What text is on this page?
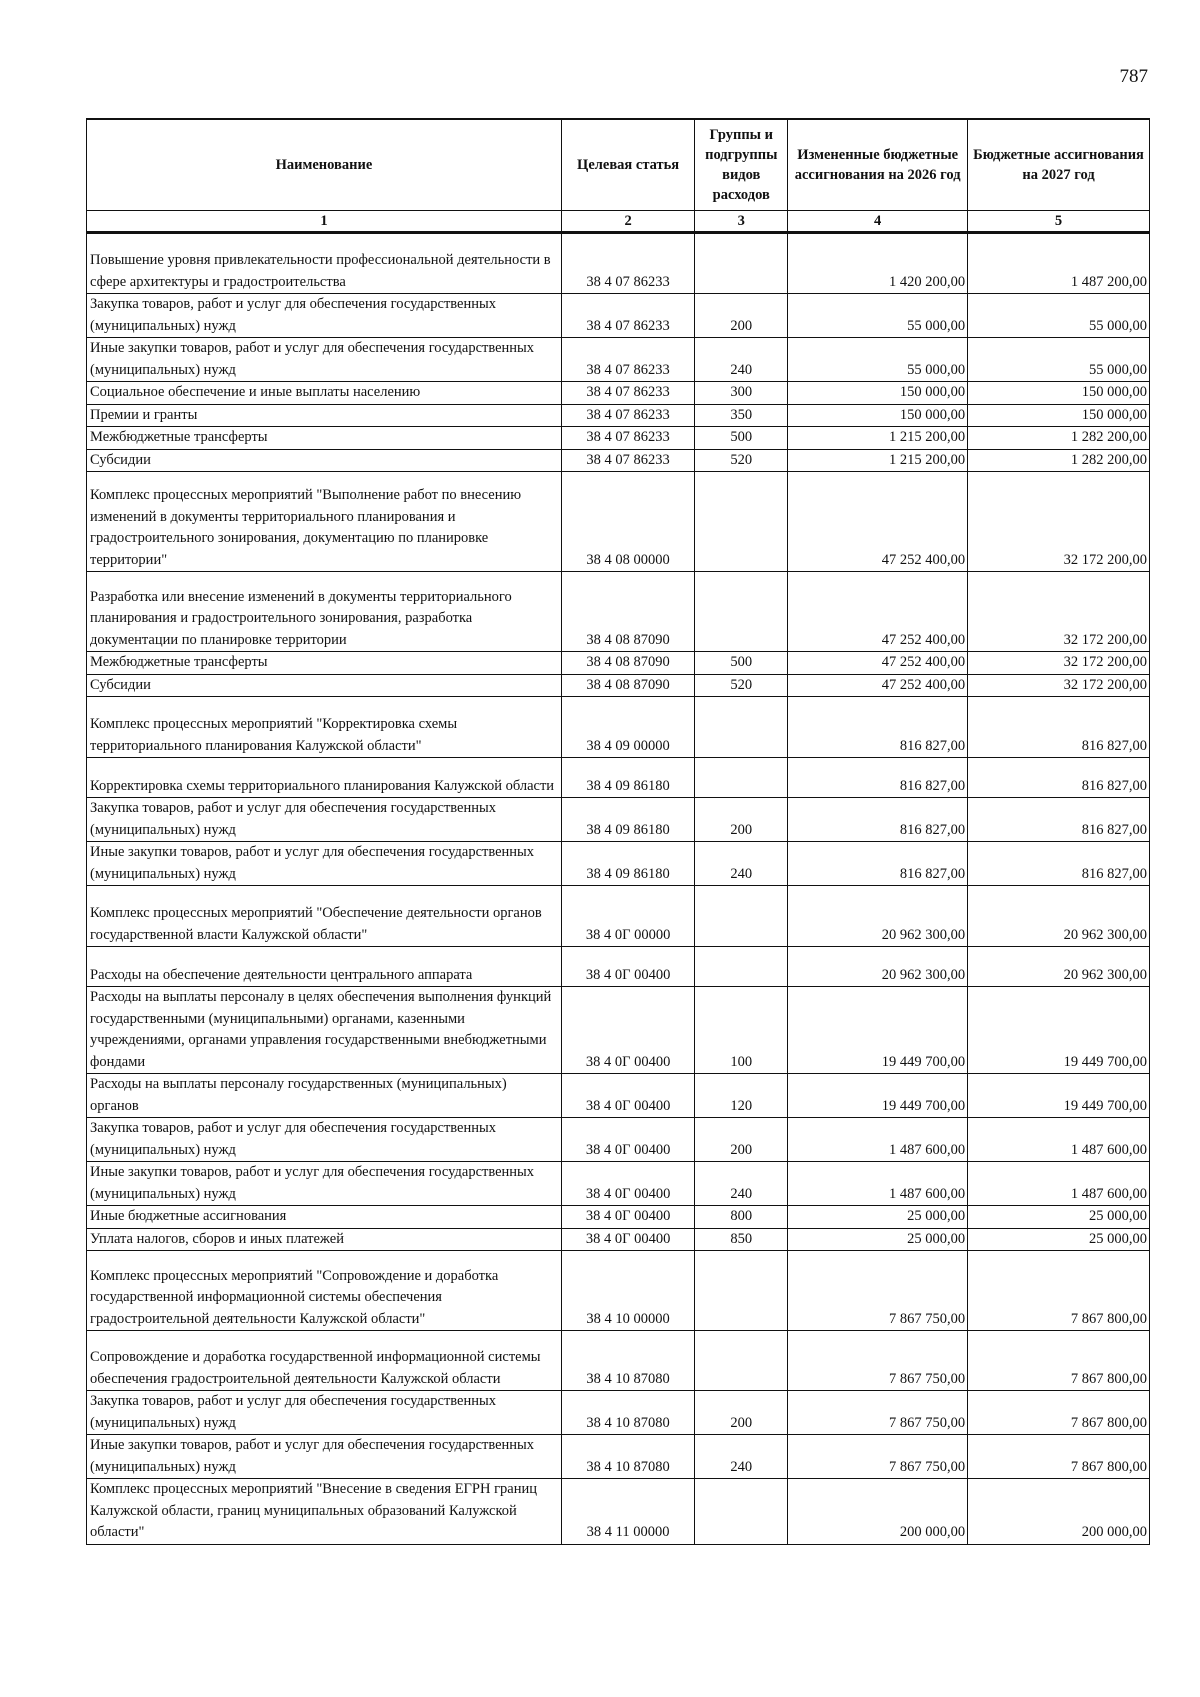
787
Наименование	Целевая статья	Группы и подгруппы видов расходов	Измененные бюджетные ассигнования на 2026 год	Бюджетные ассигнования на 2027 год
1	2	3	4	5
Повышение уровня привлекательности профессиональной деятельности в сфере архитектуры и градостроительства	38 4 07 86233		1 420 200,00	1 487 200,00
Закупка товаров, работ и услуг для обеспечения государственных (муниципальных) нужд	38 4 07 86233	200	55 000,00	55 000,00
Иные закупки товаров, работ и услуг для обеспечения государственных (муниципальных) нужд	38 4 07 86233	240	55 000,00	55 000,00
Социальное обеспечение и иные выплаты населению	38 4 07 86233	300	150 000,00	150 000,00
Премии и гранты	38 4 07 86233	350	150 000,00	150 000,00
Межбюджетные трансферты	38 4 07 86233	500	1 215 200,00	1 282 200,00
Субсидии	38 4 07 86233	520	1 215 200,00	1 282 200,00
Комплекс процессных мероприятий "Выполнение работ по внесению изменений в документы территориального планирования и градостроительного зонирования, документацию по планировке территории"	38 4 08 00000		47 252 400,00	32 172 200,00
Разработка или внесение изменений в документы территориального планирования и градостроительного зонирования, разработка документации по планировке территории	38 4 08 87090		47 252 400,00	32 172 200,00
Межбюджетные трансферты	38 4 08 87090	500	47 252 400,00	32 172 200,00
Субсидии	38 4 08 87090	520	47 252 400,00	32 172 200,00
Комплекс процессных мероприятий "Корректировка схемы территориального планирования Калужской области"	38 4 09 00000		816 827,00	816 827,00
Корректировка схемы территориального планирования Калужской области	38 4 09 86180		816 827,00	816 827,00
Закупка товаров, работ и услуг для обеспечения государственных (муниципальных) нужд	38 4 09 86180	200	816 827,00	816 827,00
Иные закупки товаров, работ и услуг для обеспечения государственных (муниципальных) нужд	38 4 09 86180	240	816 827,00	816 827,00
Комплекс процессных мероприятий "Обеспечение деятельности органов государственной власти Калужской области"	38 4 0Г 00000		20 962 300,00	20 962 300,00
Расходы на обеспечение деятельности центрального аппарата	38 4 0Г 00400		20 962 300,00	20 962 300,00
Расходы на выплаты персоналу в целях обеспечения выполнения функций государственными (муниципальными) органами, казенными учреждениями, органами управления государственными внебюджетными фондами	38 4 0Г 00400	100	19 449 700,00	19 449 700,00
Расходы на выплаты персоналу государственных (муниципальных) органов	38 4 0Г 00400	120	19 449 700,00	19 449 700,00
Закупка товаров, работ и услуг для обеспечения государственных (муниципальных) нужд	38 4 0Г 00400	200	1 487 600,00	1 487 600,00
Иные закупки товаров, работ и услуг для обеспечения государственных (муниципальных) нужд	38 4 0Г 00400	240	1 487 600,00	1 487 600,00
Иные бюджетные ассигнования	38 4 0Г 00400	800	25 000,00	25 000,00
Уплата налогов, сборов и иных платежей	38 4 0Г 00400	850	25 000,00	25 000,00
Комплекс процессных мероприятий "Сопровождение и доработка государственной информационной системы обеспечения градостроительной деятельности Калужской области"	38 4 10 00000		7 867 750,00	7 867 800,00
Сопровождение и доработка государственной информационной системы обеспечения градостроительной деятельности Калужской области	38 4 10 87080		7 867 750,00	7 867 800,00
Закупка товаров, работ и услуг для обеспечения государственных (муниципальных) нужд	38 4 10 87080	200	7 867 750,00	7 867 800,00
Иные закупки товаров, работ и услуг для обеспечения государственных (муниципальных) нужд	38 4 10 87080	240	7 867 750,00	7 867 800,00
Комплекс процессных мероприятий "Внесение в сведения ЕГРН границ Калужской области, границ муниципальных образований Калужской области"	38 4 11 00000		200 000,00	200 000,00
